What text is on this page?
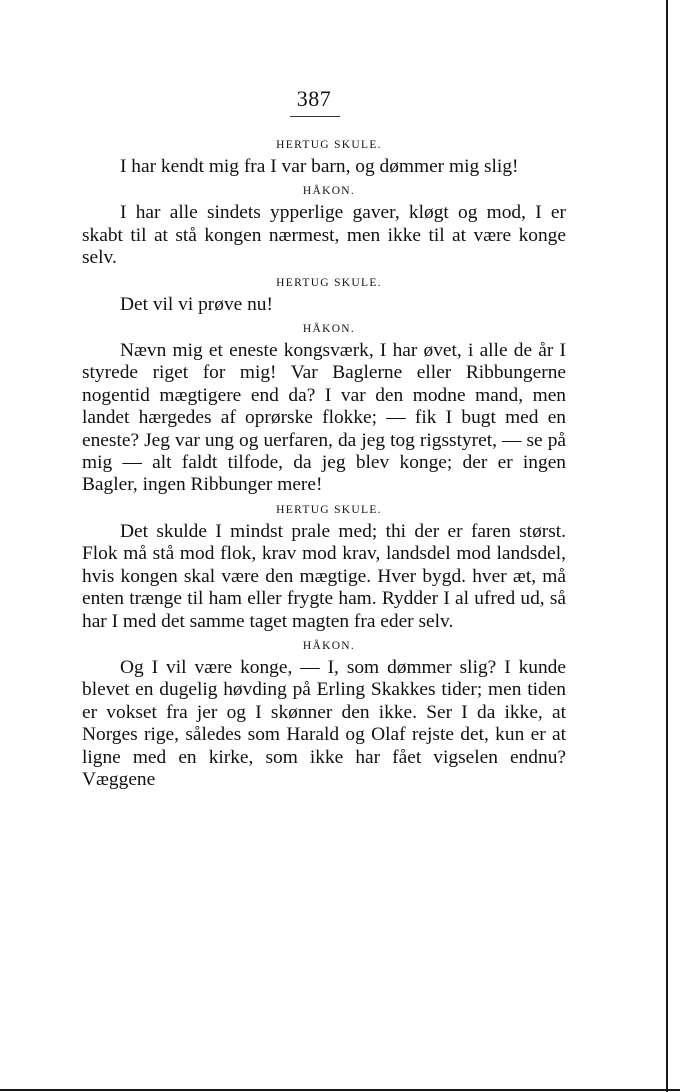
387
HERTUG SKULE.

I har kendt mig fra I var barn, og dømmer mig slig!

HÅKON.

I har alle sindets ypperlige gaver, kløgt og mod, I er skabt til at stå kongen nærmest, men ikke til at være konge selv.

HERTUG SKULE.

Det vil vi prøve nu!

HÅKON.

Nævn mig et eneste kongsværk, I har øvet, i alle de år I styrede riget for mig! Var Baglerne eller Ribbungerne nogentid mægtigere end da? I var den modne mand, men landet hærgedes af oprørske flokke; — fik I bugt med en eneste? Jeg var ung og uerfaren, da jeg tog rigsstyret, — se på mig — alt faldt tilfode, da jeg blev konge; der er ingen Bagler, ingen Ribbunger mere!

HERTUG SKULE.

Det skulde I mindst prale med; thi der er faren størst. Flok må stå mod flok, krav mod krav, landsdel mod landsdel, hvis kongen skal være den mægtige. Hver bygd. hver æt, må enten trænge til ham eller frygte ham. Rydder I al ufred ud, så har I med det samme taget magten fra eder selv.

HÅKON.

Og I vil være konge, — I, som dømmer slig? I kunde blevet en dugelig høvding på Erling Skakkes tider; men tiden er vokset fra jer og I skønner den ikke. Ser I da ikke, at Norges rige, således som Harald og Olaf rejste det, kun er at ligne med en kirke, som ikke har fået vigselen endnu? Væggene
